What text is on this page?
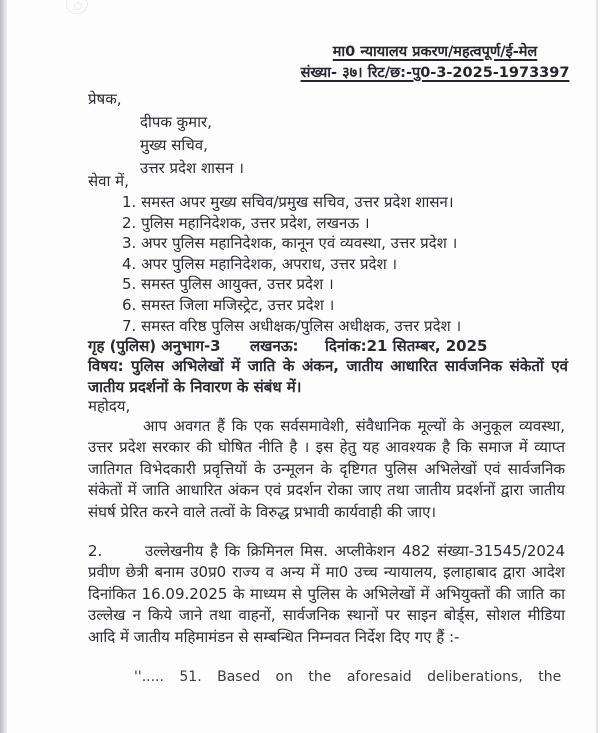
मा0 न्यायालय प्रकरण/महत्वपूर्ण/ई-मेल
संख्या- ३७। रिट/छ:-पु0-3-2025-1973397
प्रेषक,
दीपक कुमार,
मुख्य सचिव,
उत्तर प्रदेश शासन ।
सेवा में,
1. समस्त अपर मुख्य सचिव/प्रमुख सचिव, उत्तर प्रदेश शासन।
2. पुलिस महानिदेशक, उत्तर प्रदेश, लखनऊ ।
3. अपर पुलिस महानिदेशक, कानून एवं व्यवस्था, उत्तर प्रदेश ।
4. अपर पुलिस महानिदेशक, अपराध, उत्तर प्रदेश ।
5. समस्त पुलिस आयुक्त, उत्तर प्रदेश ।
6. समस्त जिला मजिस्ट्रेट, उत्तर प्रदेश ।
7. समस्त वरिष्ठ पुलिस अधीक्षक/पुलिस अधीक्षक, उत्तर प्रदेश ।
गृह (पुलिस) अनुभाग-3 लखनऊ: दिनांक:21 सितम्बर, 2025
विषय: पुलिस अभिलेखों में जाति के अंकन, जातीय आधारित सार्वजनिक संकेतों एवं जातीय प्रदर्शनों के निवारण के संबंध में।
महोदय,
आप अवगत हैं कि एक सर्वसमावेशी, संवैधानिक मूल्यों के अनुकूल व्यवस्था, उत्तर प्रदेश सरकार की घोषित नीति है । इस हेतु यह आवश्यक है कि समाज में व्याप्त जातिगत विभेदकारी प्रवृत्तियों के उन्मूलन के दृष्टिगत पुलिस अभिलेखों एवं सार्वजनिक संकेतों में जाति आधारित अंकन एवं प्रदर्शन रोका जाए तथा जातीय प्रदर्शनों द्वारा जातीय संघर्ष प्रेरित करने वाले तत्वों के विरुद्ध प्रभावी कार्यवाही की जाए।
2.	उल्लेखनीय है कि क्रिमिनल मिस. अप्लीकेशन 482 संख्या-31545/2024 प्रवीण छेत्री बनाम उ0प्र0 राज्य व अन्य में मा0 उच्च न्यायालय, इलाहाबाद द्वारा आदेश दिनांकित 16.09.2025 के माध्यम से पुलिस के अभिलेखों में अभियुक्तों की जाति का उल्लेख न किये जाने तथा वाहनों, सार्वजनिक स्थानों पर साइन बोर्ड्स, सोशल मीडिया आदि में जातीय महिमामंडन से सम्बन्धित निम्नवत निर्देश दिए गए हैं :-
''..... 51. Based on the aforesaid deliberations, the
